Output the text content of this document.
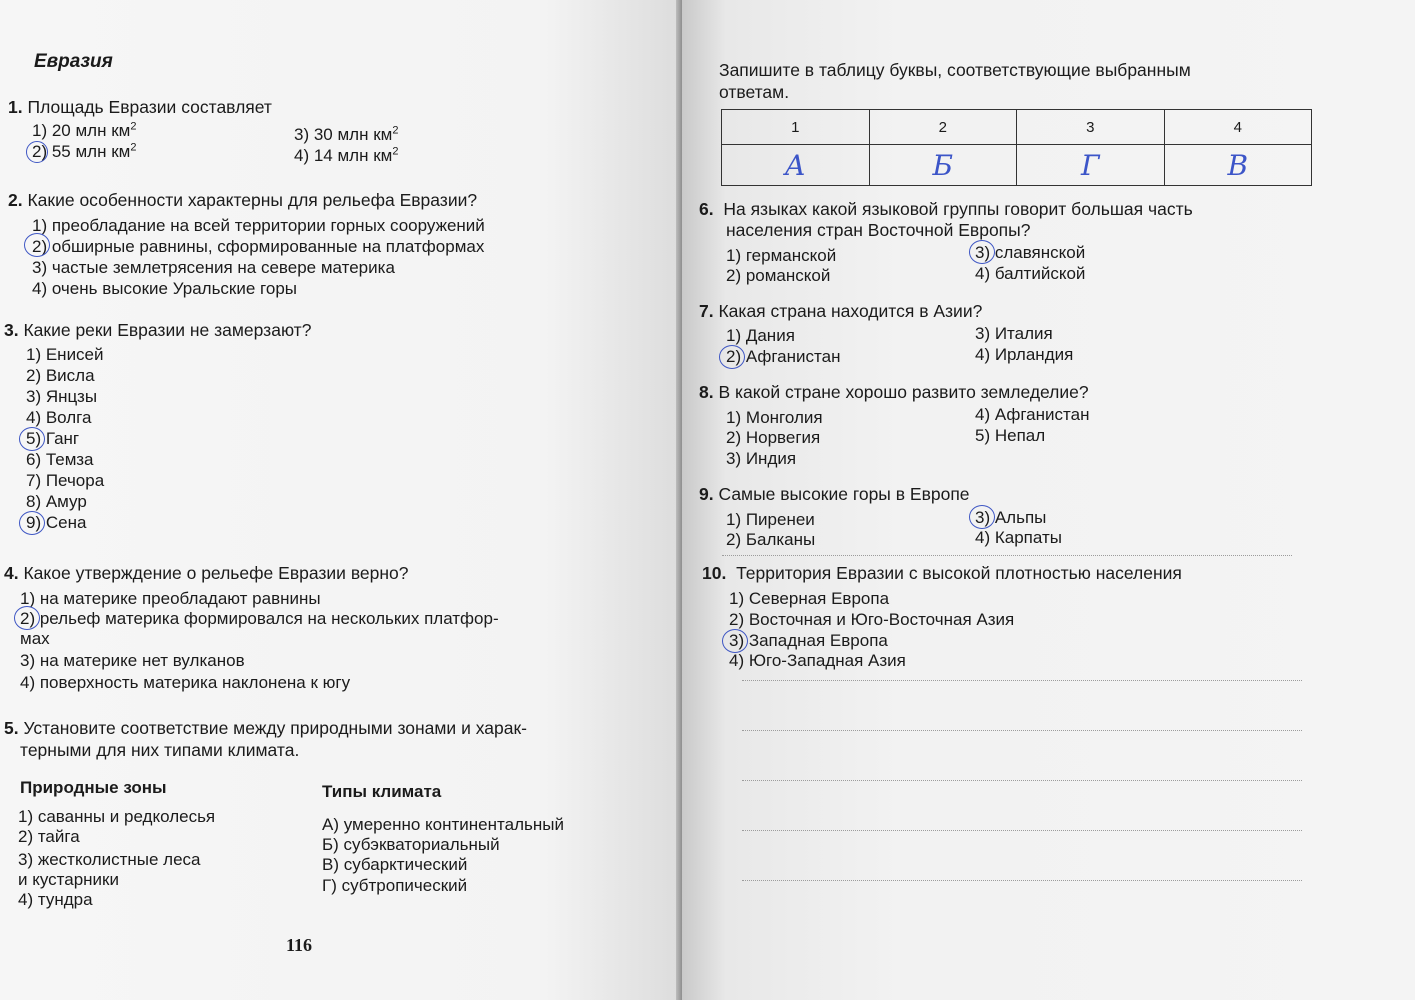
Евразия
1. Площадь Евразии составляет
1) 20 млн $км^2$
2) 55 млн $км^2$
3) 30 млн $км^2$
4) 14 млн $км^2$
2. Какие особенности характерны для рельефа Евразии?
1) преобладание на всей территории горных сооружений
2) обширные равнины, сформированные на платформах
3) частые землетрясения на севере материка
4) очень высокие Уральские горы
3. Какие реки Евразии не замерзают?
1) Енисей
2) Висла
3) Янцзы
4) Волга
5) Ганг
6) Темза
7) Печора
8) Амур
9) Сена
4. Какое утверждение о рельефе Евразии верно?
1) на материке преобладают равнины
2) рельеф материка формировался на нескольких платфор-
мах
3) на материке нет вулканов
4) поверхность материка наклонена к югу
5. Установите соответствие между природными зонами и харак-
терными для них типами климата.
Природные зоны
1) саванны и редколесья
2) тайга
3) жестколистные леса
и кустарники
4) тундра
Типы климата
А) умеренно континентальный
Б) субэкваториальный
В) субарктический
Г) субтропический
116
Запишите в таблицу буквы, соответствующие выбранным
ответам.
6. На языках какой языковой группы говорит большая часть
населения стран Восточной Европы?
1) германской
2) романской
3) славянской
4) балтийской
7. Какая страна находится в Азии?
1) Дания
2) Афганистан
3) Италия
4) Ирландия
8. В какой стране хорошо развито земледелие?
1) Монголия
2) Норвегия
3) Индия
4) Афганистан
5) Непал
9. Самые высокие горы в Европе
1) Пиренеи
2) Балканы
3) Альпы
4) Карпаты
10. Территория Евразии с высокой плотностью населения
1) Северная Европа
2) Восточная и Юго-Восточная Азия
3) Западная Европа
4) Юго-Западная Азия
1	2	3	4
А	Б	Г	В
